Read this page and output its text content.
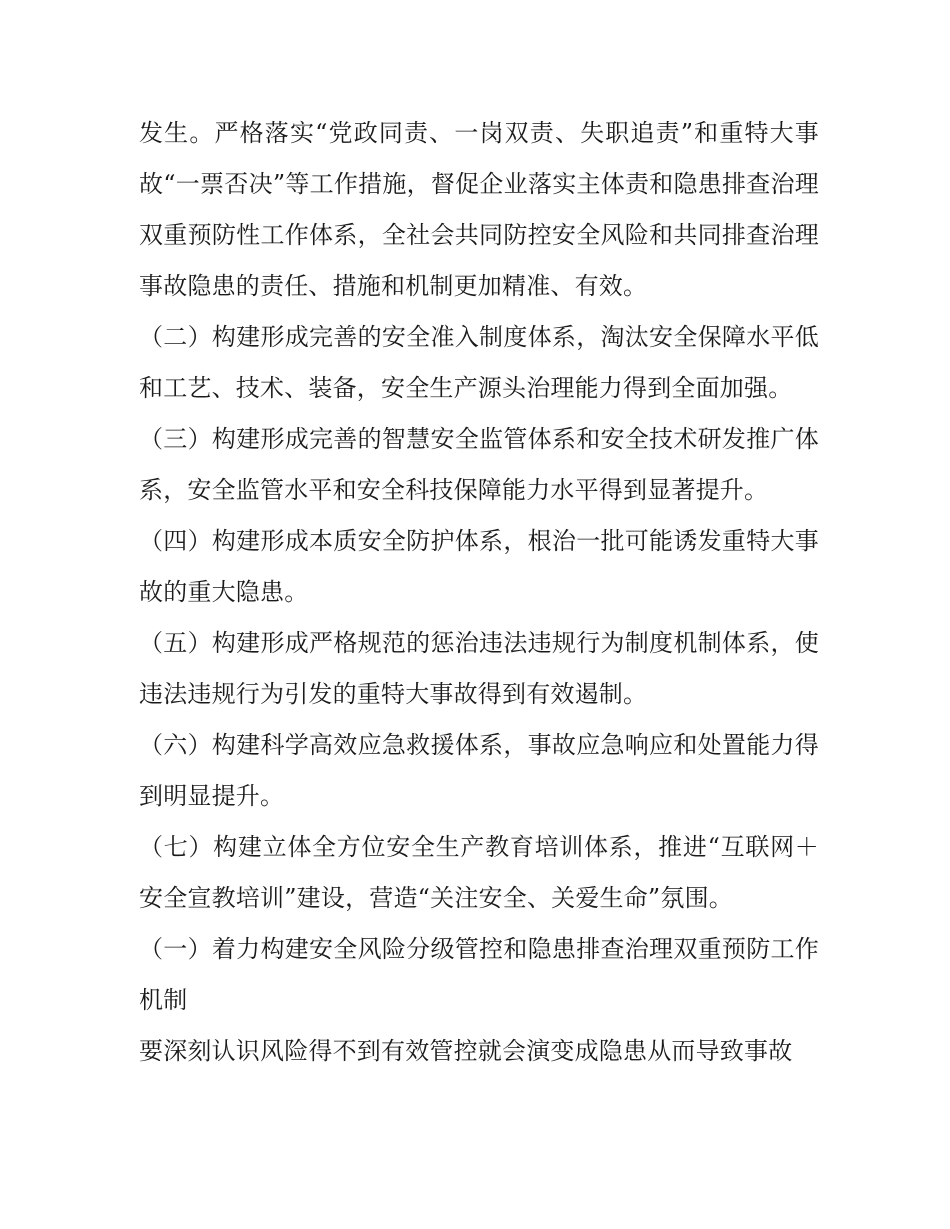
发生。严格落实“党政同责、一岗双责、失职追责”和重特大事故“一票否决”等工作措施，督促企业落实主体责和隐患排查治理双重预防性工作体系，全社会共同防控安全风险和共同排查治理事故隐患的责任、措施和机制更加精准、有效。

（二）构建形成完善的安全准入制度体系，淘汰安全保障水平低和工艺、技术、装备，安全生产源头治理能力得到全面加强。

（三）构建形成完善的智慧安全监管体系和安全技术研发推广体系，安全监管水平和安全科技保障能力水平得到显著提升。

（四）构建形成本质安全防护体系，根治一批可能诱发重特大事故的重大隐患。

（五）构建形成严格规范的惩治违法违规行为制度机制体系，使违法违规行为引发的重特大事故得到有效遏制。

（六）构建科学高效应急救援体系，事故应急响应和处置能力得到明显提升。

（七）构建立体全方位安全生产教育培训体系，推进“互联网＋安全宣教培训”建设，营造“关注安全、关爱生命”氛围。

（一）着力构建安全风险分级管控和隐患排查治理双重预防工作机制

要深刻认识风险得不到有效管控就会演变成隐患从而导致事故
